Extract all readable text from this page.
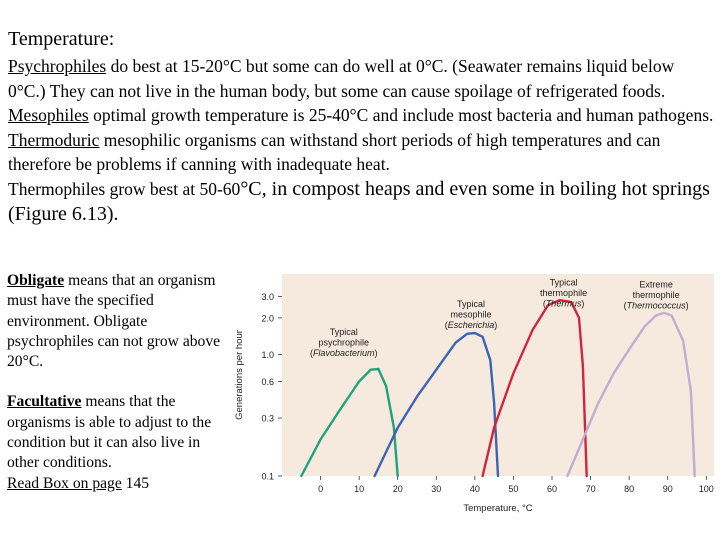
Temperature:

Psychrophiles do best at 15-20°C but some can do well at 0°C. (Seawater remains liquid below 0°C.) They can not live in the human body, but some can cause spoilage of refrigerated foods.

Mesophiles optimal growth temperature is 25-40°C and include most bacteria and human pathogens. Thermoduric mesophilic organisms can withstand short periods of high temperatures and can therefore be problems if canning with inadequate heat.

Thermophiles grow best at 50-60°C, in compost heaps and even some in boiling hot springs (Figure 6.13).

Obligate means that an organism must have the specified environment. Obligate psychrophiles can not grow above 20°C.

Facultative means that the organisms is able to adjust to the condition but it can also live in other conditions.

Read Box on page 145	0.1
0.3
0.6
1.0
2.0
3.0
0	10	20	30	40	50	60	70	80	90	100
Generations per hour
Temperature, °C
Typical
psychrophile
(Flavobacterium)
Typical
mesophile
(Escherichia)
Typical
thermophile
(Thermus)
Extreme
thermophile
(Thermococcus)
